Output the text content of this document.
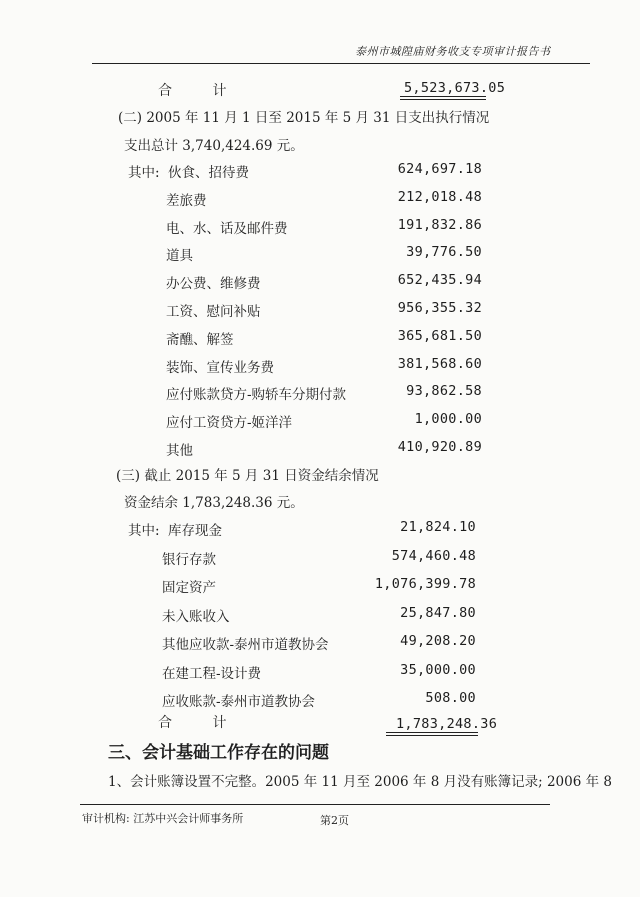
泰州市城隍庙财务收支专项审计报告书
合	计	5,523,673.05
(二) 2005 年 11 月 1 日至 2015 年 5 月 31 日支出执行情况
支出总计 3,740,424.69 元。
其中: 伙食、招待费	624,697.18
差旅费	212,018.48
电、水、话及邮件费	191,832.86
道具	39,776.50
办公费、维修费	652,435.94
工资、慰问补贴	956,355.32
斋醮、解签	365,681.50
装饰、宣传业务费	381,568.60
应付账款贷方-购轿车分期付款	93,862.58
应付工资贷方-姬洋洋	1,000.00
其他	410,920.89
(三) 截止 2015 年 5 月 31 日资金结余情况
资金结余 1,783,248.36 元。
其中: 库存现金	21,824.10
银行存款	574,460.48
固定资产	1,076,399.78
未入账收入	25,847.80
其他应收款-泰州市道教协会	49,208.20
在建工程-设计费	35,000.00
应收账款-泰州市道教协会	508.00
合	计	1,783,248.36
三、会计基础工作存在的问题
1、会计账簿设置不完整。2005 年 11 月至 2006 年 8 月没有账簿记录; 2006 年 8
审计机构: 江苏中兴会计师事务所	第2页
